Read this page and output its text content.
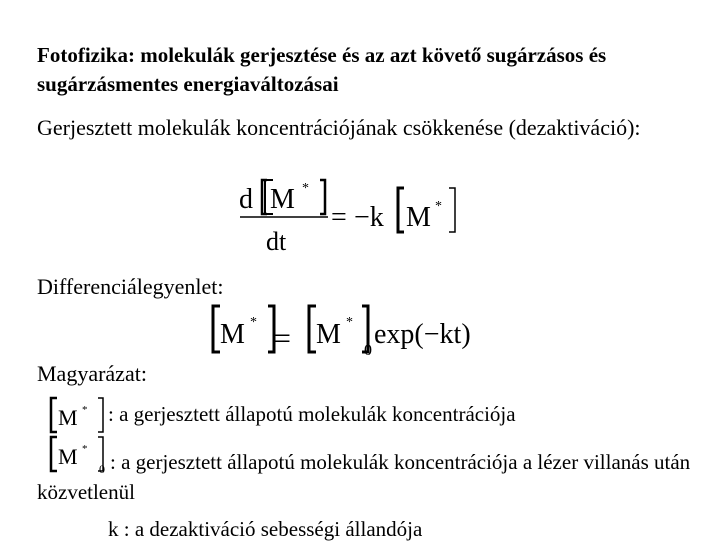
Fotofizika: molekulák gerjesztése és az azt követő sugárzásos és sugárzásmentes energiaváltozásai
Gerjesztett molekulák koncentrációjának csökkenése (dezaktiváció):
d M *
dt
= −k M *
Differenciálegyenlet:
M * = M *
0
exp(−kt)
Magyarázat:
M * : a gerjesztett állapotú molekulák koncentrációja
M *
0 : a gerjesztett állapotú molekulák koncentrációja a lézer villanás után közvetlenül
k : a dezaktiváció sebességi állandója
